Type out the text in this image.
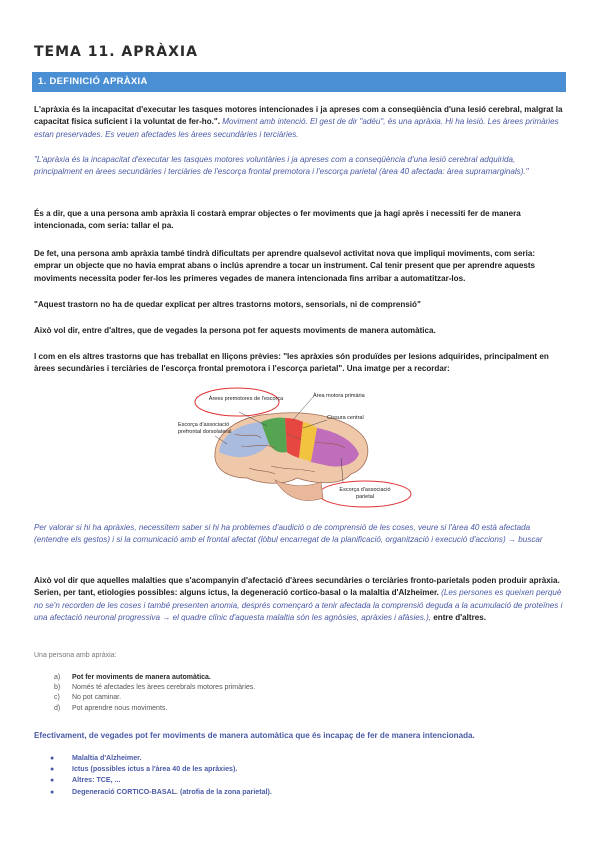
TEMA 11. APRÀXIA
1. DEFINICIÓ APRÀXIA

L'apràxia és la incapacitat d'executar les tasques motores intencionades i ja apreses com a conseqüència d'una lesió cerebral, malgrat la capacitat física suficient i la voluntat de fer-ho.". Moviment amb intenció. El gest de dir "adéu", és una apràxia. Hi ha lesió. Les àrees primàries estan preservades. Es veuen afectades les àrees secundàries i terciàries.

"L'apràxia és la incapacitat d'executar les tasques motores voluntàries i ja apreses com a conseqüència d'una lesió cerebral adquirida, principalment en àrees secundàries i terciàries de l'escorça frontal premotora i l'escorça parietal (àrea 40 afectada: àrea supramarginals)."

És a dir, que a una persona amb apràxia li costarà emprar objectes o fer moviments que ja hagi après i necessiti fer de manera intencionada, com seria: tallar el pa.

De fet, una persona amb apràxia també tindrà dificultats per aprendre qualsevol activitat nova que impliqui moviments, com seria: emprar un objecte que no havia emprat abans o inclús aprendre a tocar un instrument. Cal tenir present que per aprendre aquests moviments necessita poder fer-los les primeres vegades de manera intencionada fins arribar a automatitzar-los.

"Aquest trastorn no ha de quedar explicat per altres trastorns motors, sensorials, ni de comprensió"

Això vol dir, entre d'altres, que de vegades la persona pot fer aquests moviments de manera automàtica.

I com en els altres trastorns que has treballat en lliçons prèvies: "les apràxies són produïdes per lesions adquirides, principalment en àrees secundàries i terciàries de l'escorça frontal premotora i l'escorça parietal". Una imatge per a recordar:

Àrees premotores de l'escorça	Àrea motora primària
Cissura central
Escorça d'associació prefrontal dorsolateral
Escorça d'associació parietal

Per valorar si hi ha apràxies, necessitem saber si hi ha problemes d'audició o de comprensió de les coses, veure si l'àrea 40 està afectada (entendre els gestos) i si la comunicació amb el frontal afectat (lòbul encarregat de la planificació, organització i execució d'accions) → buscar

Això vol dir que aquelles malalties que s'acompanyin d'afectació d'àrees secundàries o terciàries fronto-parietals poden produir apràxia. Serien, per tant, etiologies possibles: alguns ictus, la degeneració cortico-basal o la malaltia d'Alzheimer. (Les persones es queixen perquè no se'n recorden de les coses i també presenten anomia, després començaró a tenir afectada la comprensió deguda a la acumulació de proteïnes i una afectació neuronal progressiva → el quadre clínic d'aquesta malaltia són les agnòsies, apràxies i afàsies.), entre d'altres.

Una persona amb apràxia:
a)	Pot fer moviments de manera automàtica.
b)	Només té afectades les àrees cerebrals motores primàries.
c)	No pot caminar.
d)	Pot aprendre nous moviments.
Efectivament, de vegades pot fer moviments de manera automàtica que és incapaç de fer de manera intencionada.
●	Malaltia d'Alzheimer.
●	Ictus (possibles ictus a l'àrea 40 de les apràxies).
●	Altres: TCE, ...
●	Degeneració CORTICO-BASAL. (atrofia de la zona parietal).
